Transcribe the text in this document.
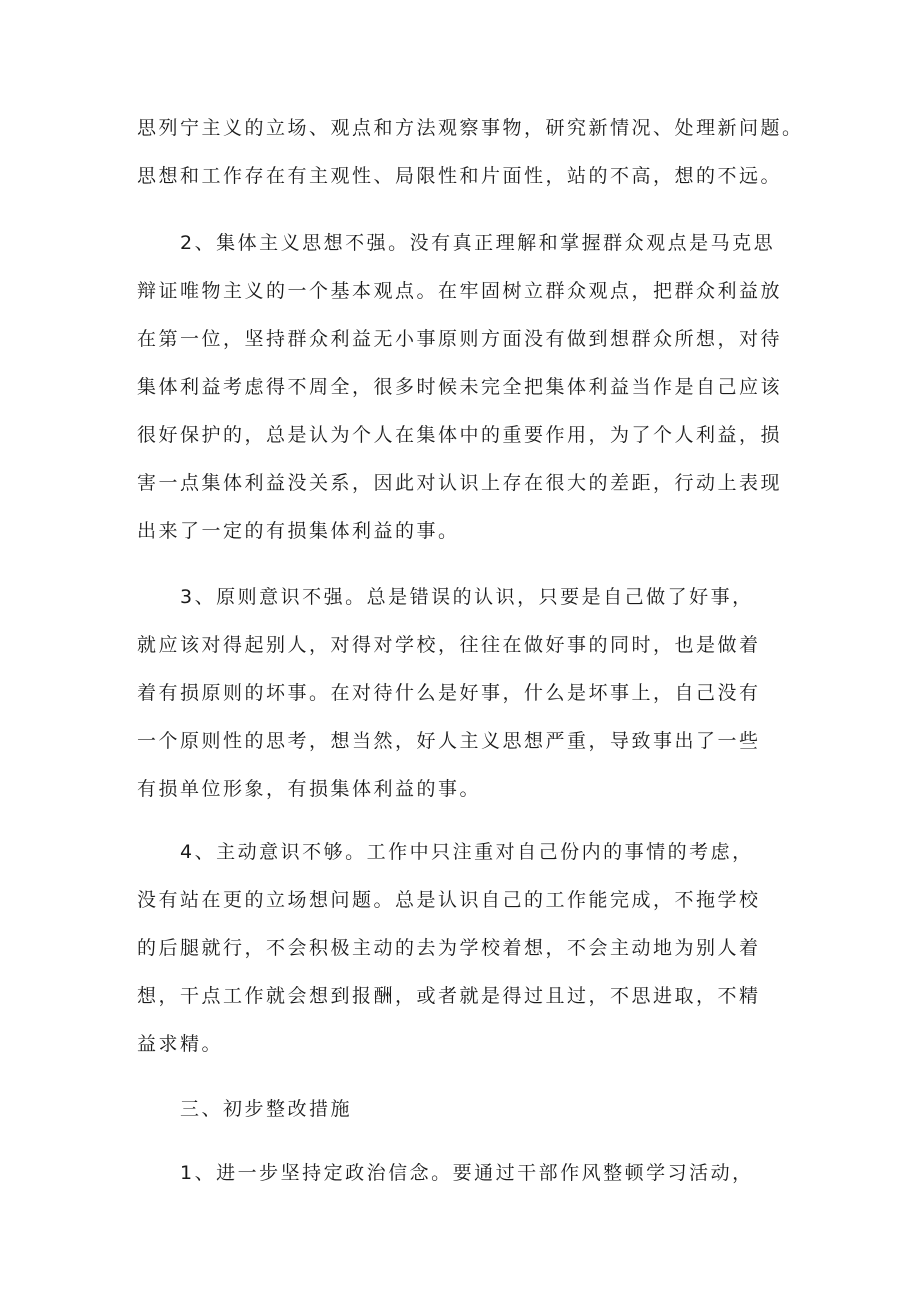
思列宁主义的立场、观点和方法观察事物，研究新情况、处理新问题。
思想和工作存在有主观性、局限性和片面性，站的不高，想的不远。
2、集体主义思想不强。没有真正理解和掌握群众观点是马克思
辩证唯物主义的一个基本观点。在牢固树立群众观点，把群众利益放
在第一位，坚持群众利益无小事原则方面没有做到想群众所想，对待
集体利益考虑得不周全，很多时候未完全把集体利益当作是自己应该
很好保护的，总是认为个人在集体中的重要作用，为了个人利益，损
害一点集体利益没关系，因此对认识上存在很大的差距，行动上表现
出来了一定的有损集体利益的事。
3、原则意识不强。总是错误的认识，只要是自己做了好事，
就应该对得起别人，对得对学校，往往在做好事的同时，也是做着
着有损原则的坏事。在对待什么是好事，什么是坏事上，自己没有
一个原则性的思考，想当然，好人主义思想严重，导致事出了一些
有损单位形象，有损集体利益的事。
4、主动意识不够。工作中只注重对自己份内的事情的考虑，
没有站在更的立场想问题。总是认识自己的工作能完成，不拖学校
的后腿就行，不会积极主动的去为学校着想，不会主动地为别人着
想，干点工作就会想到报酬，或者就是得过且过，不思进取，不精
益求精。
三、初步整改措施
1、进一步坚持定政治信念。要通过干部作风整顿学习活动，
